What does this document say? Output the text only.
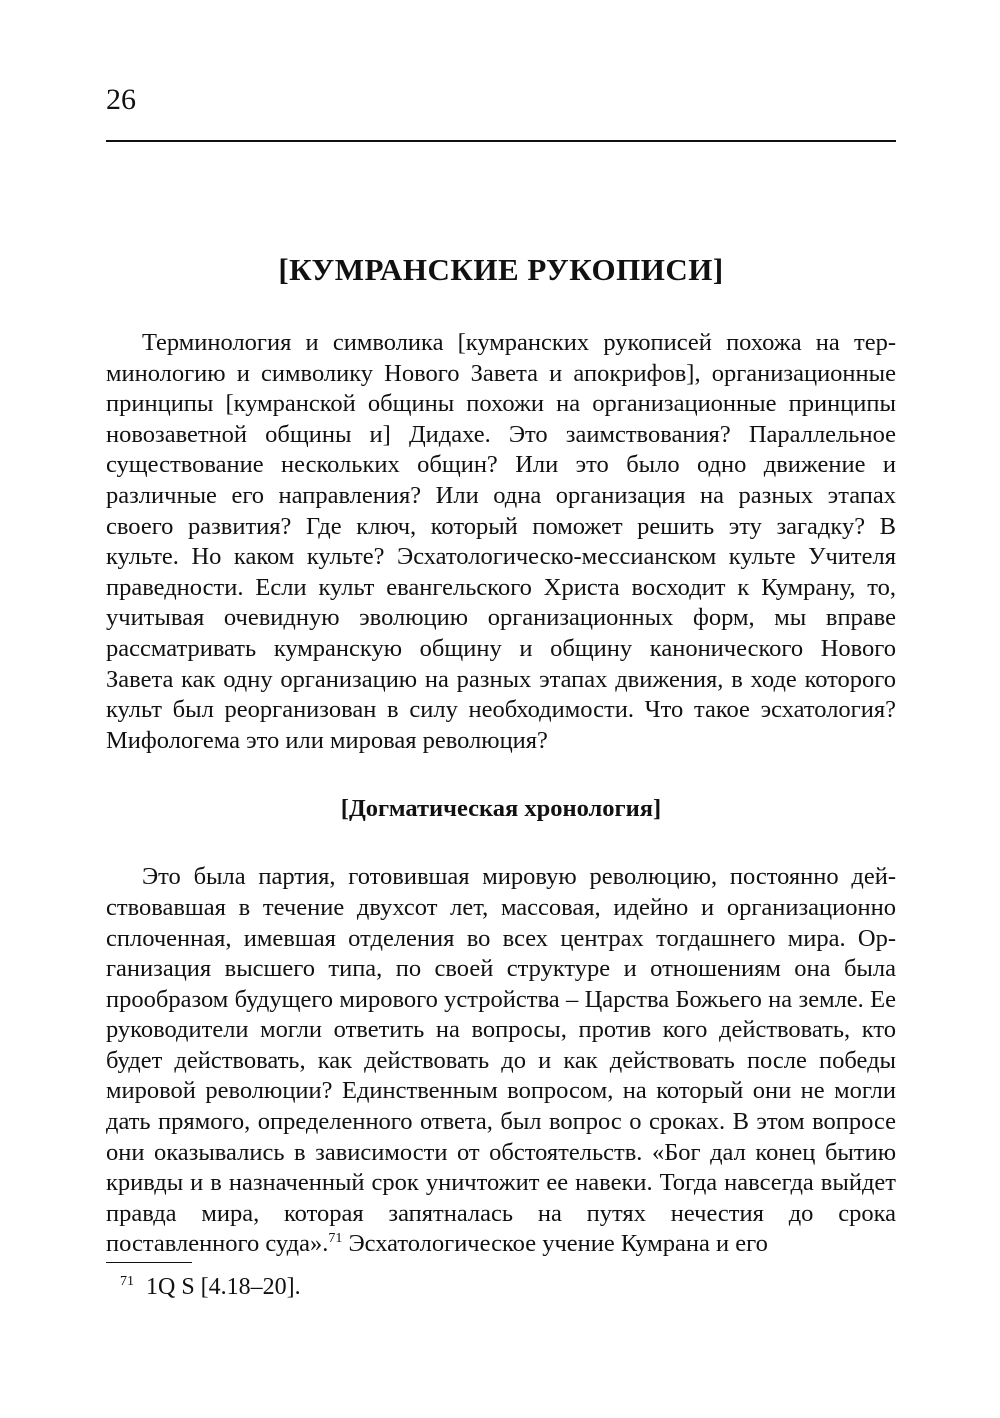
26

[КУМРАНСКИЕ РУКОПИСИ]

Терминология и символика [кумранских рукописей похожа на терминологию и символику Нового Завета и апокрифов], организационные принципы [кумранской общины похожи на организационные принципы новозаветной общины и] Дидахе. Это заимствования? Параллельное существование нескольких общин? Или это было одно движение и различные его направления? Или одна организация на разных этапах своего развития? Где ключ, который поможет решить эту загадку? В культе. Но каком культе? Эсхатологическо-мессианском культе Учителя праведности. Если культ евангельского Христа восходит к Кумрану, то, учитывая очевидную эволюцию организационных форм, мы вправе рассматривать кумранскую общину и общину канонического Нового Завета как одну организацию на разных этапах движения, в ходе которого культ был реорганизован в силу необходимости. Что такое эсхатология? Мифологема это или мировая революция?

[Догматическая хронология]

Это была партия, готовившая мировую революцию, постоянно действовавшая в течение двухсот лет, массовая, идейно и организационно сплоченная, имевшая отделения во всех центрах тогдашнего мира. Организация высшего типа, по своей структуре и отношениям она была прообразом будущего мирового устройства – Царства Божьего на земле. Ее руководители могли ответить на вопросы, против кого действовать, кто будет действовать, как действовать до и как действовать после победы мировой революции? Единственным вопросом, на который они не могли дать прямого, определенного ответа, был вопрос о сроках. В этом вопросе они оказывались в зависимости от обстоятельств. «Бог дал конец бытию кривды и в назначенный срок уничтожит ее навеки. Тогда навсегда выйдет правда мира, которая запятналась на путях нечестия до срока поставленного суда».$^{71}$ Эсхатологическое учение Кумрана и его

$^{71}$ 1Q S [4.18–20].
